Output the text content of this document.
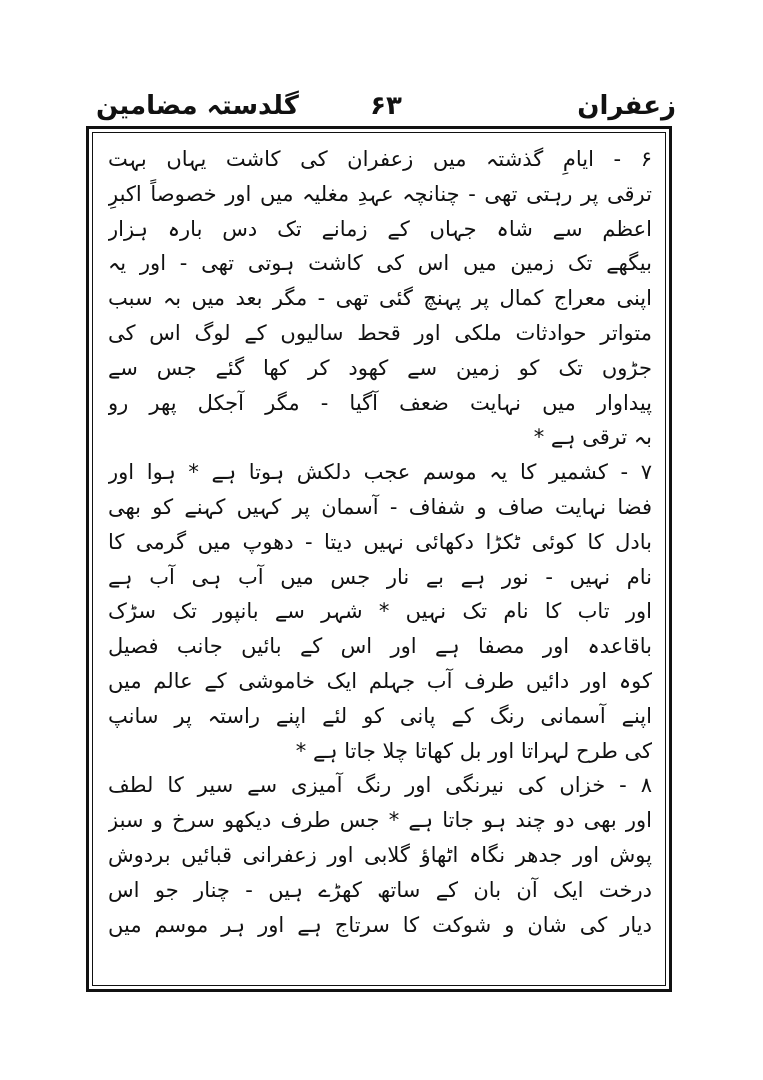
زعفران
۶۳
گلدستہ مضامین
۶ - ایامِ گذشتہ میں زعفران کی کاشت یہاں بہت
ترقی پر رہتی تھی - چنانچہ عہدِ مغلیہ میں اور خصوصاً اکبرِ
اعظم سے شاہ جہاں کے زمانے تک دس بارہ ہزار
بیگھے تک زمین میں اس کی کاشت ہوتی تھی - اور یہ
اپنی معراج کمال پر پہنچ گئی تھی - مگر بعد میں بہ سبب
متواتر حوادثات ملکی اور قحط سالیوں کے لوگ اس کی
جڑوں تک کو زمین سے کھود کر کھا گئے جس سے
پیداوار میں نہایت ضعف آگیا - مگر آجکل پھر رو
بہ ترقی ہے *
۷ - کشمیر کا یہ موسم عجب دلکش ہوتا ہے * ہوا اور
فضا نہایت صاف و شفاف - آسمان پر کہیں کہنے کو بھی
بادل کا کوئی ٹکڑا دکھائی نہیں دیتا - دھوپ میں گرمی کا
نام نہیں - نور ہے بے نار جس میں آب ہی آب ہے
اور تاب کا نام تک نہیں * شہر سے بانپور تک سڑک
باقاعدہ اور مصفا ہے اور اس کے بائیں جانب فصیل
کوہ اور دائیں طرف آب جہلم ایک خاموشی کے عالم میں
اپنے آسمانی رنگ کے پانی کو لئے اپنے راستہ پر سانپ
کی طرح لہراتا اور بل کھاتا چلا جاتا ہے *
۸ - خزاں کی نیرنگی اور رنگ آمیزی سے سیر کا لطف
اور بھی دو چند ہو جاتا ہے * جس طرف دیکھو سرخ و سبز
پوش اور جدھر نگاہ اٹھاؤ گلابی اور زعفرانی قبائیں بردوش
درخت ایک آن بان کے ساتھ کھڑے ہیں - چنار جو اس
دیار کی شان و شوکت کا سرتاج ہے اور ہر موسم میں
